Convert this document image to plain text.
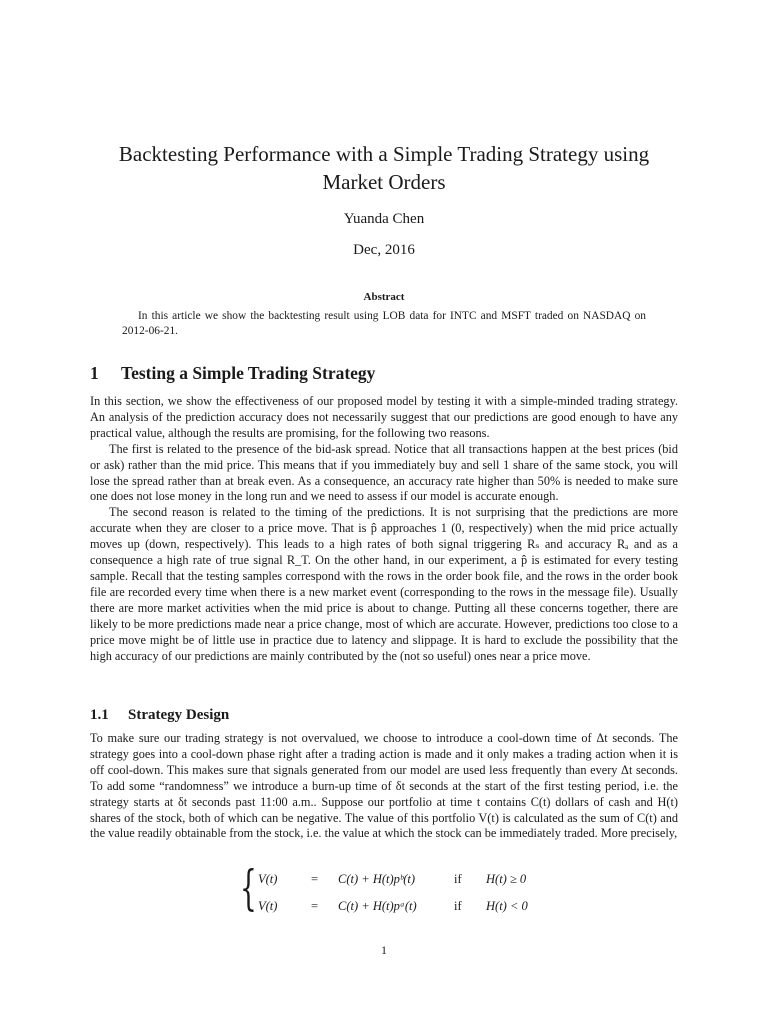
Backtesting Performance with a Simple Trading Strategy using Market Orders
Yuanda Chen
Dec, 2016
Abstract
In this article we show the backtesting result using LOB data for INTC and MSFT traded on NASDAQ on 2012-06-21.
1 Testing a Simple Trading Strategy

In this section, we show the effectiveness of our proposed model by testing it with a simple-minded trading strategy. An analysis of the prediction accuracy does not necessarily suggest that our predictions are good enough to have any practical value, although the results are promising, for the following two reasons.

The first is related to the presence of the bid-ask spread. Notice that all transactions happen at the best prices (bid or ask) rather than the mid price. This means that if you immediately buy and sell 1 share of the same stock, you will lose the spread rather than at break even. As a consequence, an accuracy rate higher than 50% is needed to make sure one does not lose money in the long run and we need to assess if our model is accurate enough.

The second reason is related to the timing of the predictions. It is not surprising that the predictions are more accurate when they are closer to a price move. That is p̂ approaches 1 (0, respectively) when the mid price actually moves up (down, respectively). This leads to a high rates of both signal triggering Rₛ and accuracy Rₐ and as a consequence a high rate of true signal R_T. On the other hand, in our experiment, a p̂ is estimated for every testing sample. Recall that the testing samples correspond with the rows in the order book file, and the rows in the order book file are recorded every time when there is a new market event (corresponding to the rows in the message file). Usually there are more market activities when the mid price is about to change. Putting all these concerns together, there are likely to be more predictions made near a price change, most of which are accurate. However, predictions too close to a price move might be of little use in practice due to latency and slippage. It is hard to exclude the possibility that the high accuracy of our predictions are mainly contributed by the (not so useful) ones near a price move.

1.1 Strategy Design

To make sure our trading strategy is not overvalued, we choose to introduce a cool-down time of Δt seconds. The strategy goes into a cool-down phase right after a trading action is made and it only makes a trading action when it is off cool-down. This makes sure that signals generated from our model are used less frequently than every Δt seconds. To add some “randomness” we introduce a burn-up time of δt seconds at the start of the first testing period, i.e. the strategy starts at δt seconds past 11:00 a.m.. Suppose our portfolio at time t contains C(t) dollars of cash and H(t) shares of the stock, both of which can be negative. The value of this portfolio V(t) is calculated as the sum of C(t) and the value readily obtainable from the stock, i.e. the value at which the stock can be immediately traded. More precisely,

{ V(t)	= C(t) + H(t)pᵇ(t)	if H(t) ≥ 0
V(t)	= C(t) + H(t)pᵃ(t)	if H(t) < 0
1
